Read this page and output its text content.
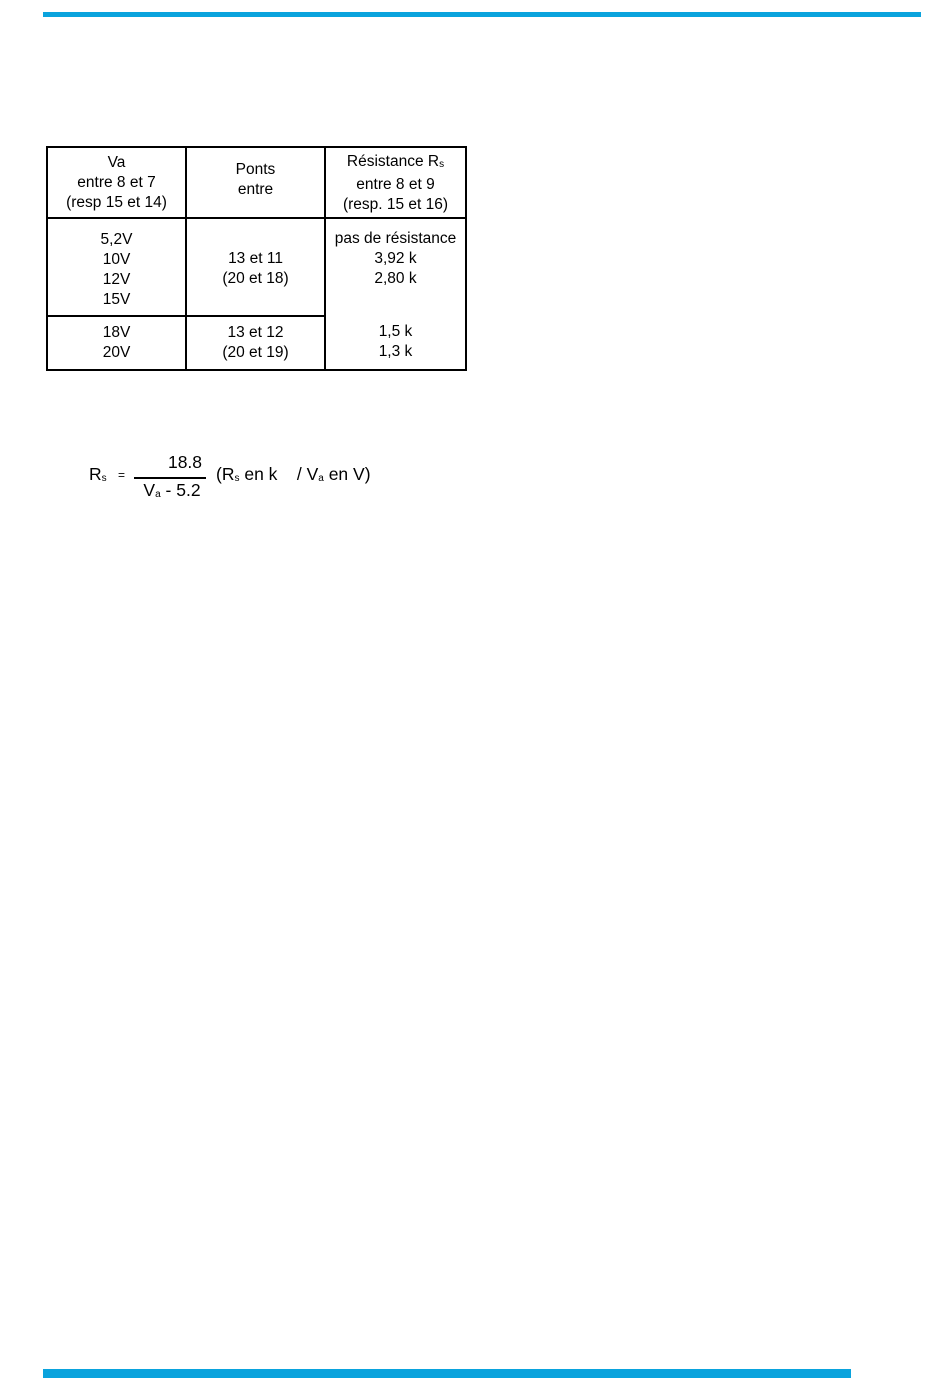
Va
entre 8 et 7
(resp 15 et 14)
Ponts
entre
Résistance Rs
entre 8 et 9
(resp. 15 et 16)
5,2V
10V
12V
15V
13 et 11
(20 et 18)
pas de résistance
3,92 k
2,80 k
18V
20V
13 et 12
(20 et 19)
1,5 k
1,3 k
Rs =
18.8
Va - 5.2
(Rs en k    / Va en V)
